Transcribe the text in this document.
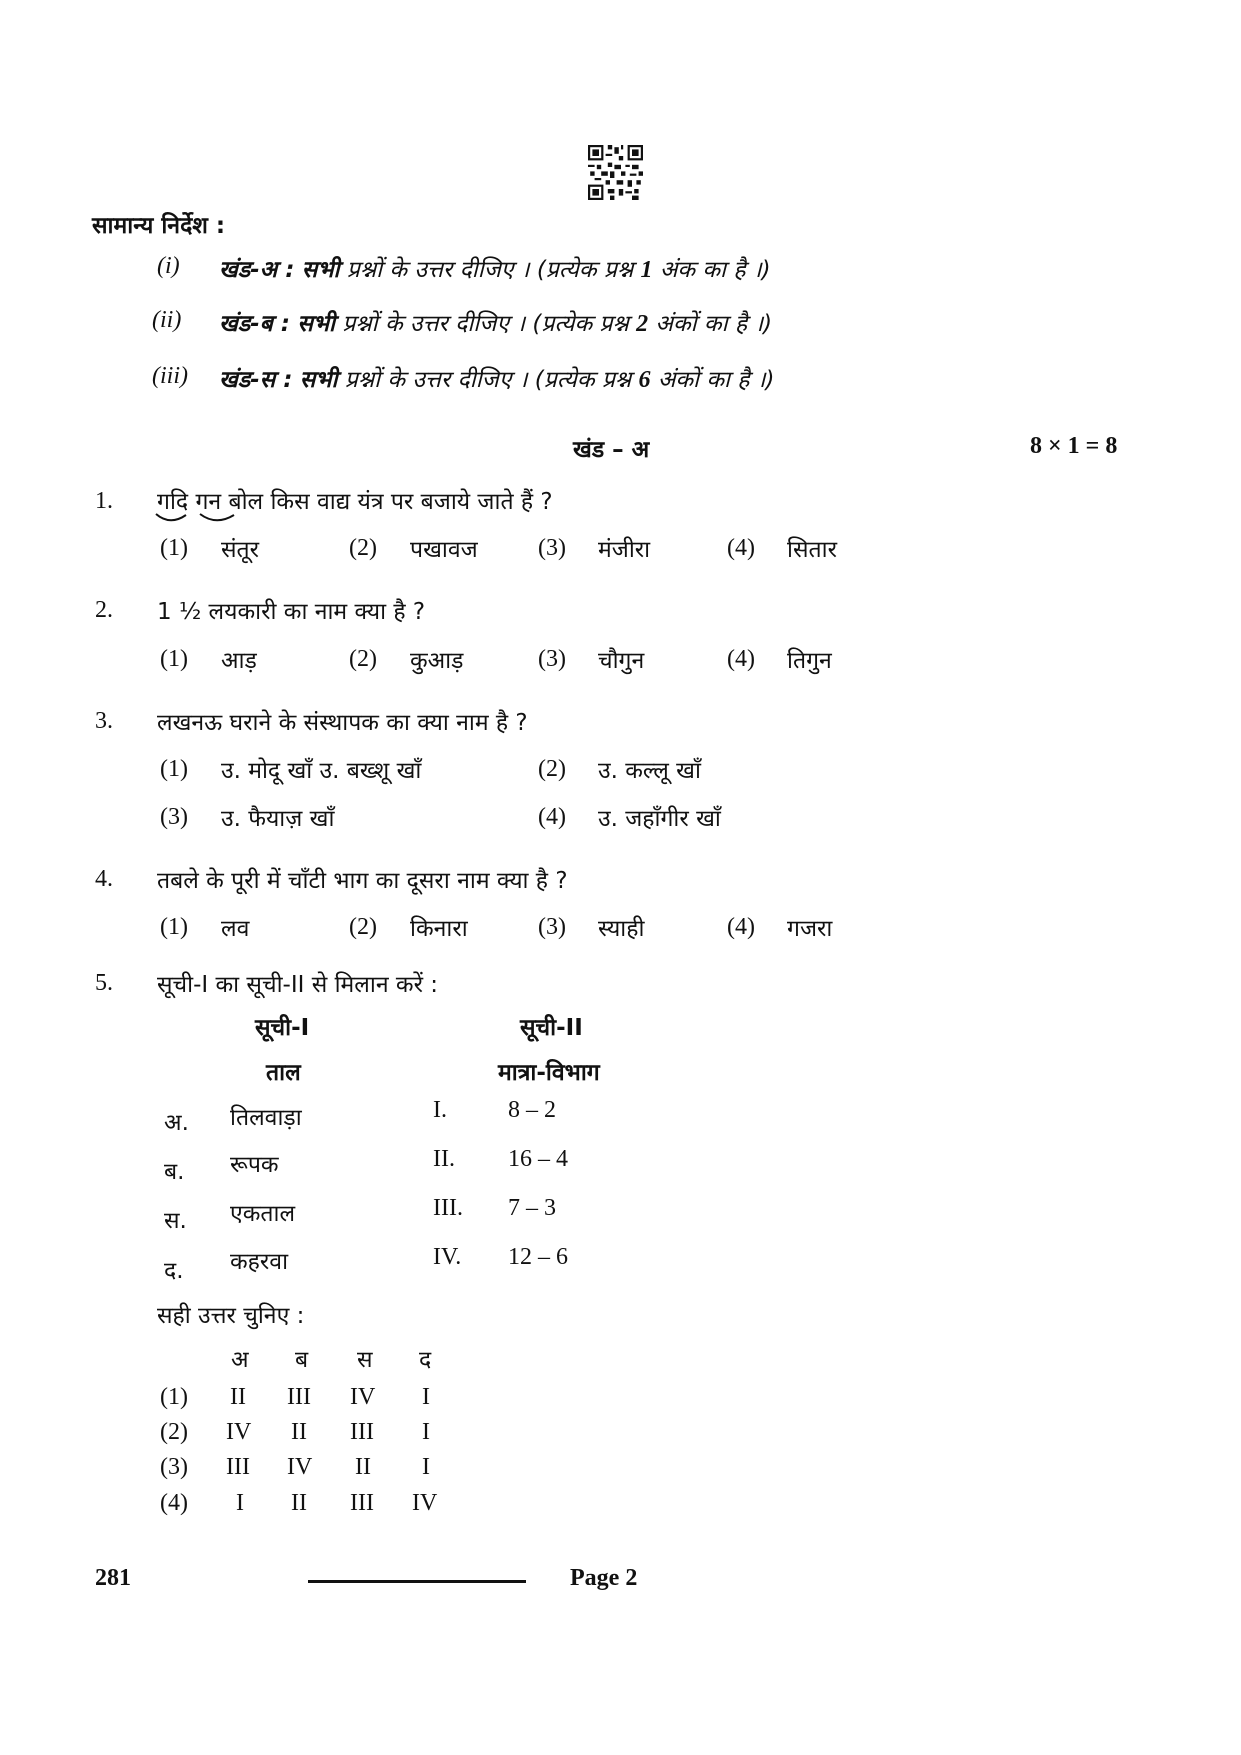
सामान्य निर्देश :
(i) खंड-अ : सभी प्रश्नों के उत्तर दीजिए । (प्रत्येक प्रश्न 1 अंक का है ।)
(ii) खंड-ब : सभी प्रश्नों के उत्तर दीजिए । (प्रत्येक प्रश्न 2 अंकों का है ।)
(iii) खंड-स : सभी प्रश्नों के उत्तर दीजिए । (प्रत्येक प्रश्न 6 अंकों का है ।)
खंड – अ	8 × 1 = 8
1. गदि गन बोल किस वाद्य यंत्र पर बजाये जाते हैं ?
(1) संतूर	(2) पखावज	(3) मंजीरा	(4) सितार
2. 1 ½ लयकारी का नाम क्या है ?
(1) आड़	(2) कुआड़	(3) चौगुन	(4) तिगुन
3. लखनऊ घराने के संस्थापक का क्या नाम है ?
(1) उ. मोदू खाँ उ. बख्शू खाँ	(2) उ. कल्लू खाँ
(3) उ. फैयाज़ खाँ	(4) उ. जहाँगीर खाँ
4. तबले के पूरी में चाँटी भाग का दूसरा नाम क्या है ?
(1) लव	(2) किनारा	(3) स्याही	(4) गजरा
5. सूची-I का सूची-II से मिलान करें :
सूची-I	सूची-II
ताल	मात्रा-विभाग
अ. तिलवाड़ा	I.	8 – 2
ब. रूपक	II. 16 – 4
स. एकताल	III. 7 – 3
द. कहरवा	IV. 12 – 6
सही उत्तर चुनिए :
अ ब स द
(1) II III IV I
(2) IV II III I
(3) III IV II I
(4) I II III IV
281	Page 2
